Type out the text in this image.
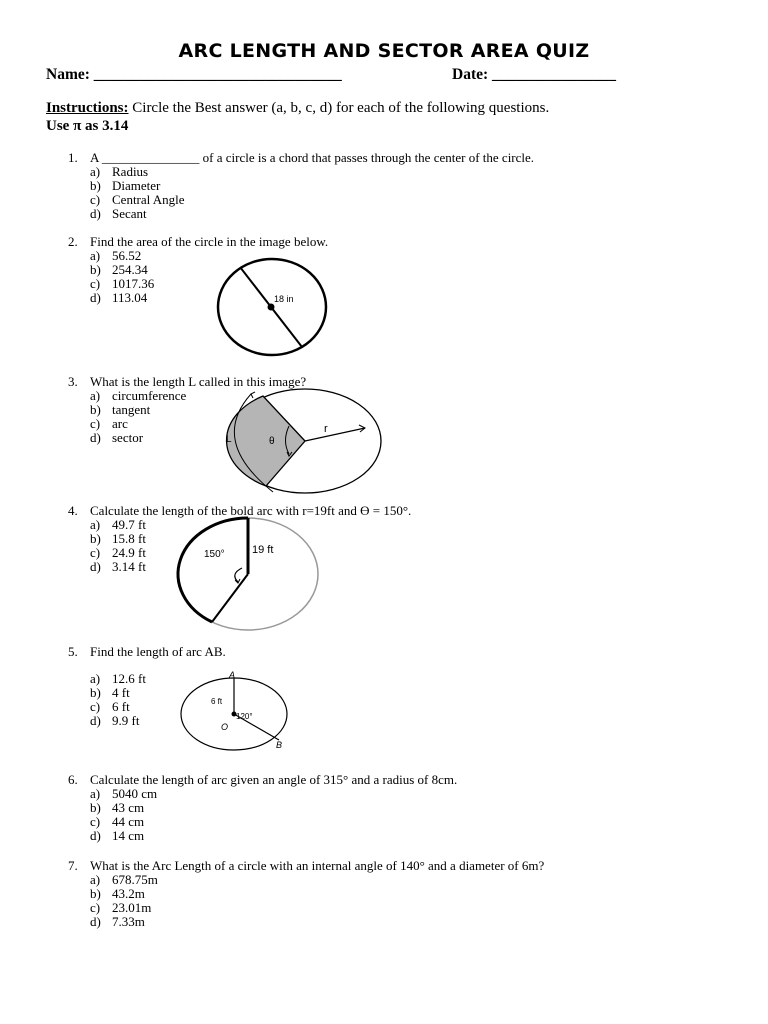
ARC LENGTH AND SECTOR AREA QUIZ
Name: ________________________________	Date: ________________
Instructions: Circle the Best answer (a, b, c, d) for each of the following questions.
Use π as 3.14
1. A _______________ of a circle is a chord that passes through the center of the circle.
a) Radius
b) Diameter
c) Central Angle
d) Secant
2. Find the area of the circle in the image below.
a) 56.52
b) 254.34
c) 1017.36
d) 113.04	18 in
3. What is the length L called in this image?
a) circumference
b) tangent
c) arc
d) sector	L	θ
r
4. Calculate the length of the bold arc with r=19ft and Ɵ = 150°.
a) 49.7 ft
b) 15.8 ft
c) 24.9 ft
d) 3.14 ft
150° 19 ft
5. Find the length of arc AB.
a) 12.6 ft
b) 4 ft
c) 6 ft
d) 9.9 ft
A
B
O
6 ft
120°
6. Calculate the length of arc given an angle of 315° and a radius of 8cm.
a) 5040 cm
b) 43 cm
c) 44 cm
d) 14 cm
7. What is the Arc Length of a circle with an internal angle of 140° and a diameter of 6m?
a) 678.75m
b) 43.2m
c) 23.01m
d) 7.33m
